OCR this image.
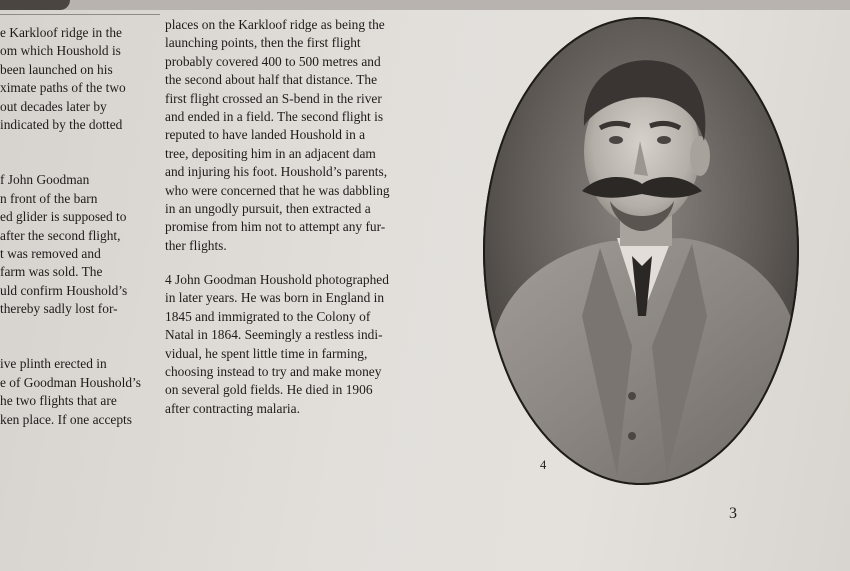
e Karkloof ridge in the
om which Houshold is
been launched on his
ximate paths of the two
out decades later by
indicated by the dotted
f John Goodman
n front of the barn
ed glider is supposed to
after the second flight,
t was removed and
farm was sold. The
uld confirm Houshold’s
thereby sadly lost for-
ive plinth erected in
e of Goodman Houshold’s
he two flights that are
ken place. If one accepts
places on the Karkloof ridge as being the
launching points, then the first flight
probably covered 400 to 500 metres and
the second about half that distance. The
first flight crossed an S-bend in the river
and ended in a field. The second flight is
reputed to have landed Houshold in a
tree, depositing him in an adjacent dam
and injuring his foot. Houshold’s parents,
who were concerned that he was dabbling
in an ungodly pursuit, then extracted a
promise from him not to attempt any fur-
ther flights.
4 John Goodman Houshold photographed
in later years. He was born in England in
1845 and immigrated to the Colony of
Natal in 1864. Seemingly a restless indi-
vidual, he spent little time in farming,
choosing instead to try and make money
on several gold fields. He died in 1906
after contracting malaria.
4
3
